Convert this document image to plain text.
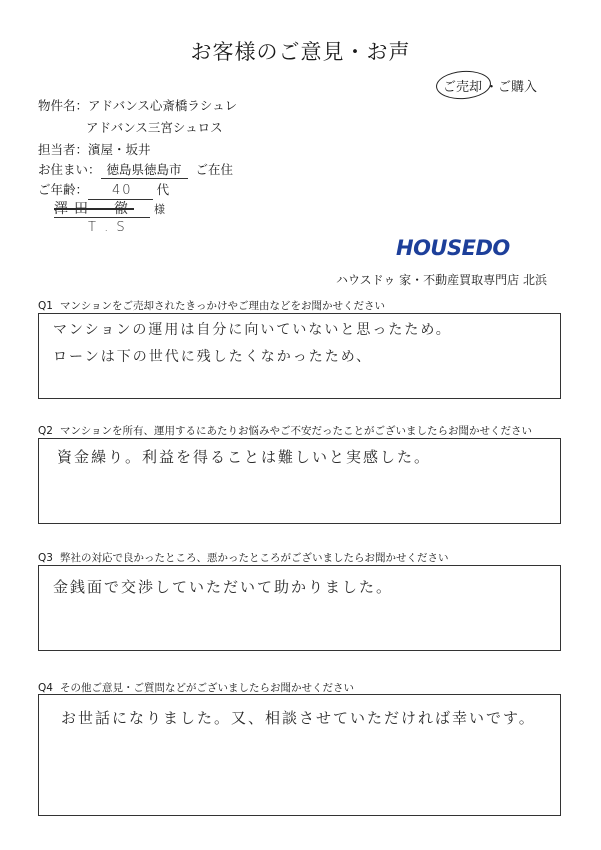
お客様のご意見・お声
ご売却 ・ご購入
物件名：アドバンス心斎橋ラシュレ
アドバンス三宮シュロス
担当者：濱屋・坂井
お住まい： 徳島県徳島市 ご在住
ご年齢： 40 代
澤田　徹 様
T . S
HOUSEDO
ハウスドゥ 家・不動産買取専門店 北浜
Q1 マンションをご売却されたきっかけやご理由などをお聞かせください
マンションの運用は自分に向いていないと思ったため。
ローンは下の世代に残したくなかったため、
Q2 マンションを所有、運用するにあたりお悩みやご不安だったことがございましたらお聞かせください
資金繰り。利益を得ることは難しいと実感した。
Q3 弊社の対応で良かったところ、悪かったところがございましたらお聞かせください
金銭面で交渉していただいて助かりました。
Q4 その他ご意見・ご質問などがございましたらお聞かせください
お世話になりました。又、相談させていただければ幸いです。
